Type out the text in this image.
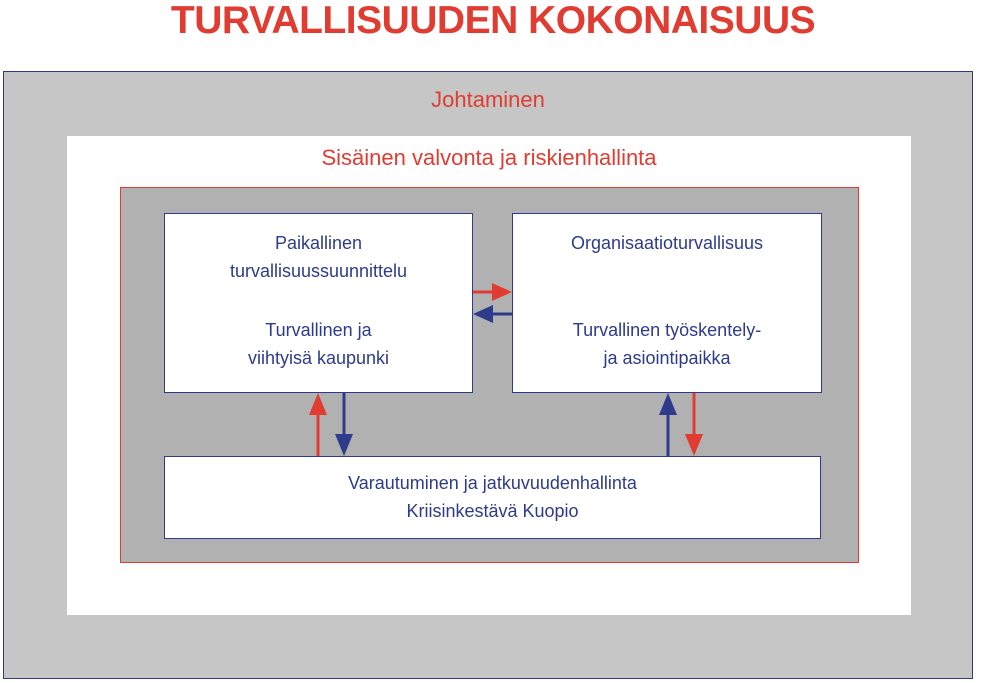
TURVALLISUUDEN KOKONAISUUS
Johtaminen
Sisäinen valvonta ja riskienhallinta
Paikallinen
turvallisuussuunnittelu
Turvallinen ja
viihtyisä kaupunki
Organisaatioturvallisuus
Turvallinen työskentely-
ja asiointipaikka
Varautuminen ja jatkuvuudenhallinta
Kriisinkestävä Kuopio
